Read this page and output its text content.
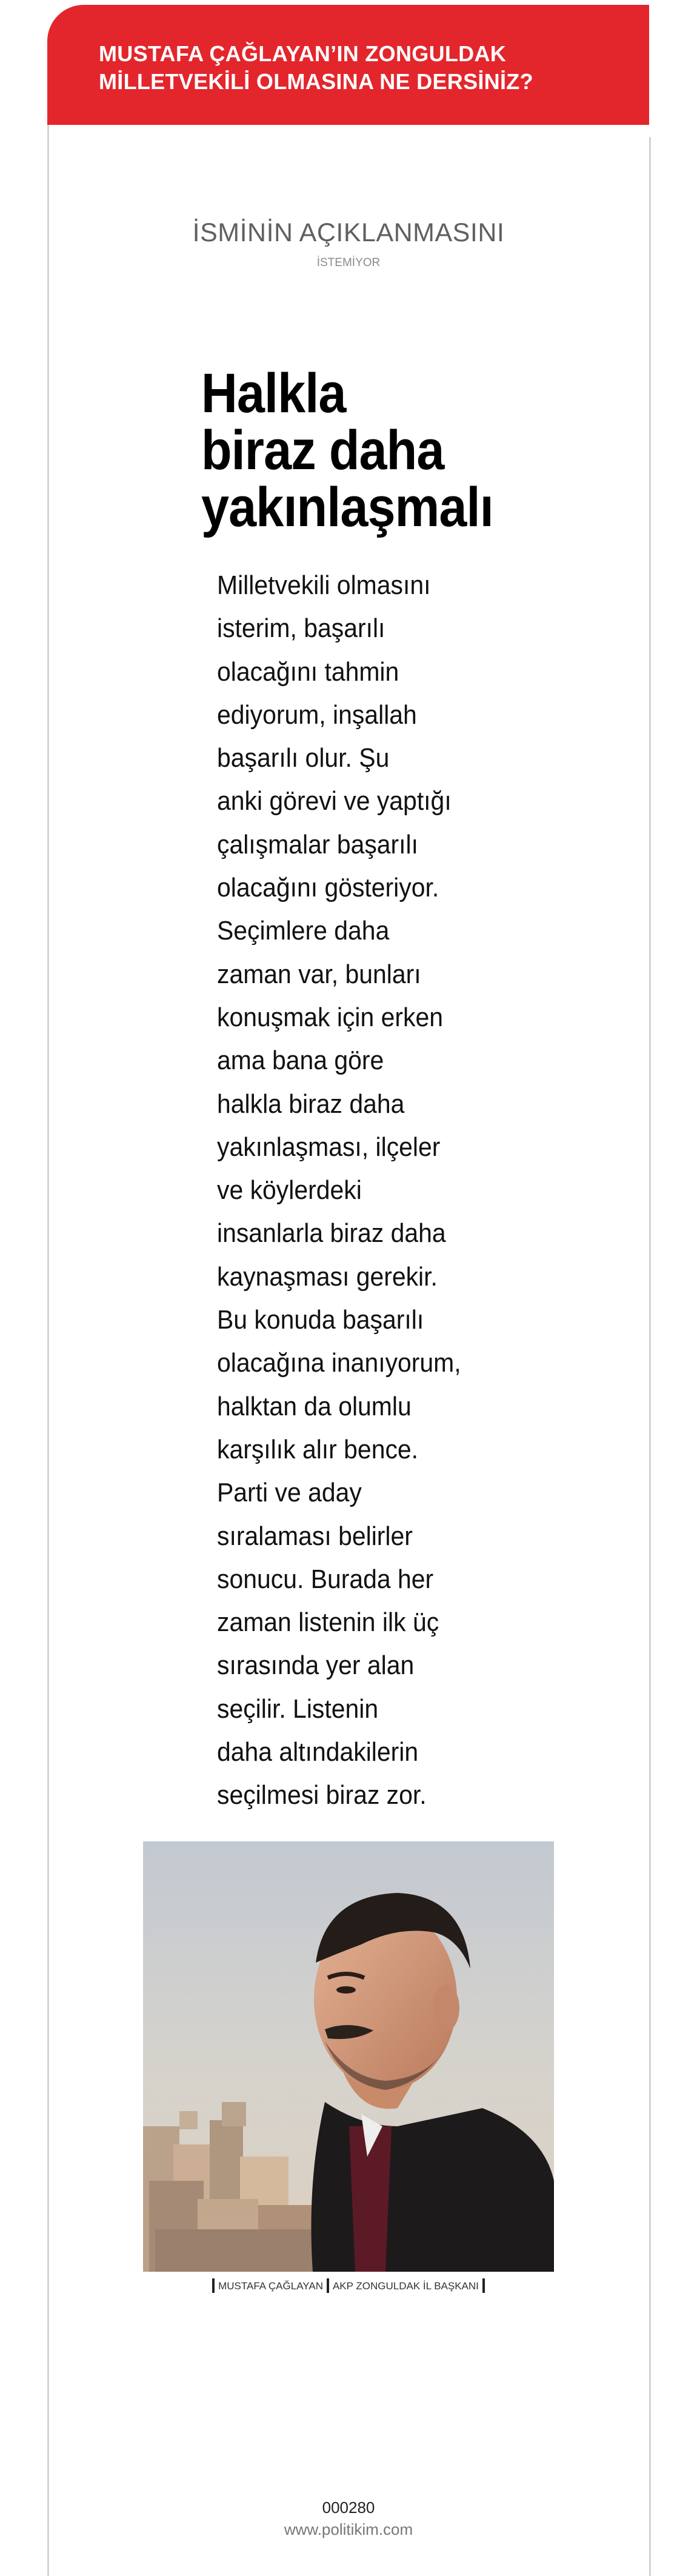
MUSTAFA ÇAĞLAYAN’IN ZONGULDAK
MİLLETVEKİLİ OLMASINA NE DERSİNİZ?
İSMİNİN AÇIKLANMASINI
İSTEMİYOR
Halkla
biraz daha
yakınlaşmalı
Milletvekili olmasını
isterim, başarılı
olacağını tahmin
ediyorum, inşallah
başarılı olur. Şu
anki görevi ve yaptığı
çalışmalar başarılı
olacağını gösteriyor.
Seçimlere daha
zaman var, bunları
konuşmak için erken
ama bana göre
halkla biraz daha
yakınlaşması, ilçeler
ve köylerdeki
insanlarla biraz daha
kaynaşması gerekir.
Bu konuda başarılı
olacağına inanıyorum,
halktan da olumlu
karşılık alır bence.
Parti ve aday
sıralaması belirler
sonucu. Burada her
zaman listenin ilk üç
sırasında yer alan
seçilir. Listenin
daha altındakilerin
seçilmesi biraz zor.
MUSTAFA ÇAĞLAYAN AKP ZONGULDAK İL BAŞKANI
000280
www.politikim.com
